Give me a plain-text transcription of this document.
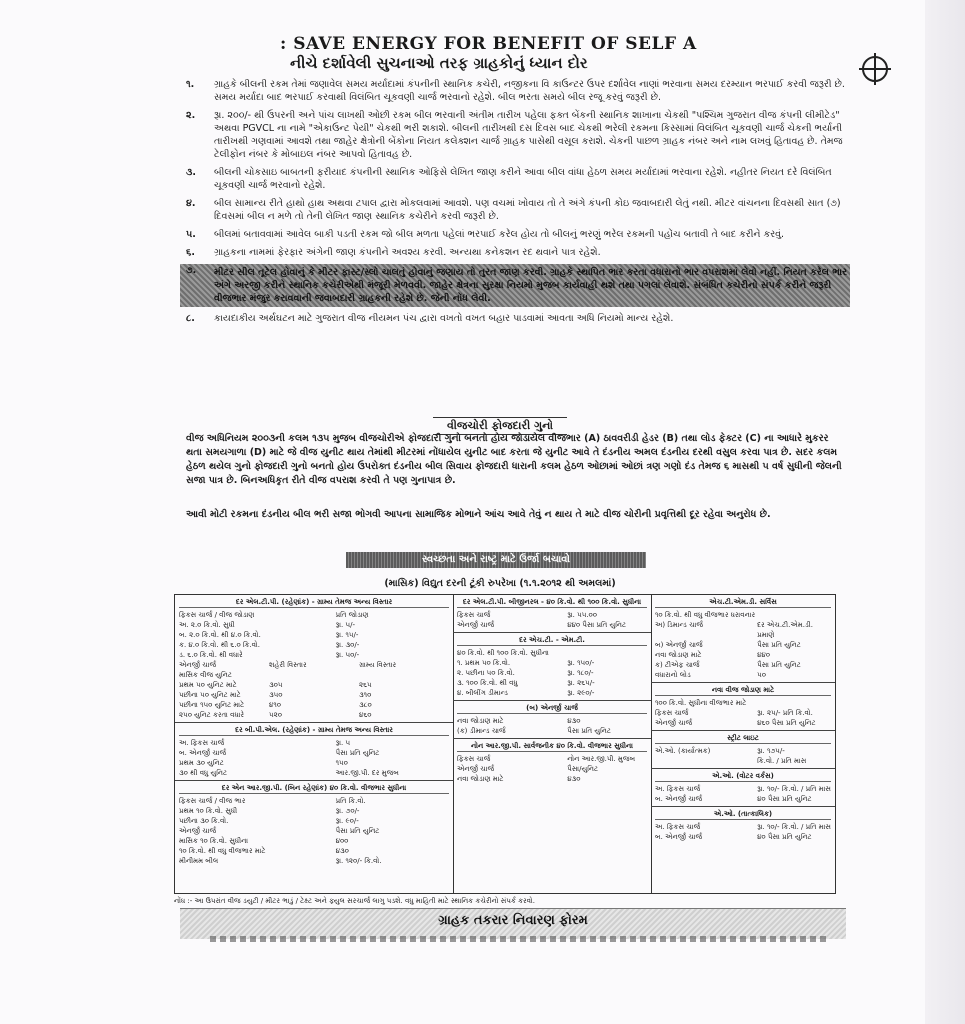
: SAVE ENERGY FOR BENEFIT OF SELF A
નીચે દર્શાવેલી સુચનાઓ તરફ ગ્રાહકોનું ધ્યાન દોર
૧. ગ્રાહકે બીલની રકમ તેમાં જણાવેલ સમય મર્યાદામાં કંપનીની સ્થાનિક કચેરી, નજીકના વિ કાઉન્ટર ઉપર દર્શાવેલ નાણાં ભરવાના સમય દરમ્યાન ભરપાઈ કરવી જરૂરી છે. સમય મર્યાદા બાદ ભરપાઈ કરવાથી વિલંબિત ચૂકવણી ચાર્જ ભરવાનો રહેશે. બીલ ભરતા સમયે બીલ રજૂ કરવું જરૂરી છે.
૨. રૂા. ૨૦૦/- થી ઉપરની અને પાંચ લાખથી ઓછી રકમ બીલ ભરવાની અંતીમ તારીખ પહેલા ફક્ત બેંકની સ્થાનિક શાખાના ચેકથી "પશ્ચિમ ગુજરાત વીજ કંપની લીમીટેડ" અથવા PGVCL ના નામે "એકાઉન્ટ પેયી" ચેકથી ભરી શકાશે. બીલની તારીખથી દસ દિવસ બાદ ચેકથી ભરેલી રકમના કિસ્સામાં વિલંબિત ચૂકવણી ચાર્જ ચેકની ભર્યાની તારીખથી ગણવામાં આવશે તથા જાહેર ક્ષેત્રોની બેંકોના નિયત કલેક્શન ચાર્જ ગ્રાહક પાસેથી વસૂલ કરાશે. ચેકની પાછળ ગ્રાહક નંબર અને નામ લખવું હિતાવહ છે. તેમજ ટેલીફોન નંબર કે મોબાઇલ નંબર આપવો હિતાવહ છે.
૩. બીલની ચોકસાઇ બાબતની ફરીયાદ કંપનીની સ્થાનિક ઓફિસે લેખિત જાણ કરીને આવા બીલ વાંધા હેઠળ સમય મર્યાદામાં ભરવાના રહેશે. નહીતર નિયત દરે વિલંબિત ચૂકવણી ચાર્જ ભરવાનો રહેશે.
૪. બીલ સામાન્ય રીતે હાથો હાથ અથવા ટપાલ દ્વારા મોકલવામાં આવશે. પણ વચમાં ખોવાય તો તે અંગે કંપની કોઇ જવાબદારી લેતું નથી. મીટર વાંચનના દિવસથી સાત (૭) દિવસમાં બીલ ન મળે તો તેની લેખિત જાણ સ્થાનિક કચેરીને કરવી જરૂરી છે.
૫. બીલમાં બતાવવામાં આવેલ બાકી પડતી રકમ જો બીલ મળતા પહેલાં ભરપાઈ કરેલ હોય તો બીલનું ભરણું ભરેલ રકમની પહોંચ બતાવી તે બાદ કરીને કરવું.
૬. ગ્રાહકના નામમાં ફેરફાર અંગેની જાણ કંપનીને અવશ્ય કરવી. અન્યથા કનેકશન રદ થવાને પાત્ર રહેશે.
૭. મીટર સીલ તૂટેલ હોવાનું કે મીટર ફાસ્ટ/સ્લો ચાલતું હોવાનું જણાય તો તુરત જાણ કરવી. ગ્રાહકે સ્થાપિત ભાર કરતા વધારાનો ભાર વપરાશમાં લેવો નહીં. નિયત કરેલ ભાર અંગે અરજી કરીને સ્થાનિક કચેરીએથી મંજૂરી મેળવવી. જાહેર ક્ષેત્રના સુરક્ષા નિયમો મુજબ કાર્યવાહી થશે તથા પગલાં લેવાશે. સંબંધિત કચેરીનો સંપર્ક કરીને જરૂરી વીજભાર મંજુર કરાવવાની જવાબદારી ગ્રાહકની રહેશે છે. જેની નોંધ લેવી.
૮. કાયદાકીય અર્થઘટન માટે ગુજરાત વીજ નીયમન પંચ દ્વારા વખતો વખત બહાર પાડવામાં આવતા અધિ નિયમો માન્ય રહેશે.
વીજચોરી ફોજદારી ગુનો
વીજ અધિનિયમ ૨૦૦૩ની કલમ ૧૩૫ મુજબ વીજચોરીએ ફોજદારી ગુનો બનતો હોય જોડાયેલ વીજભાર (A) ઠાવવરીડી હેડર (B) તથા લોડ ફેક્ટર (C) ના આધારે મુકરર થતા સમયગાળા (D) માટે જે વીજ યુનીટ થાય તેમાંથી મીટરમાં નોંધાયેલ યુનીટ બાદ કરતા જે યુનીટ આવે તે દંડનીય અમલ દંડનીય દરથી વસુલ કરવા પાત્ર છે. સદર કલમ હેઠળ થયેલ ગુનો ફોજદારી ગુનો બનતો હોય ઉપરોક્ત દંડનીય બીલ સિવાય ફોજદારી ધારાની કલમ હેઠળ ઓછામાં ઓછાં ત્રણ ગણો દંડ તેમજ ૬ માસથી ૫ વર્ષ સુધીની જેલની સજા પાત્ર છે. બિનઅધિકૃત રીતે વીજ વપરાશ કરવી તે પણ ગુનાપાત્ર છે.
આવી મોટી રકમના દંડનીય બીલ ભરી સજા ભોગવી આપના સામાજિક મોભાને આંચ આવે તેવું ન થાય તે માટે વીજ ચોરીની પ્રવૃત્તિથી દૂર રહેવા અનુરોધ છે.
સ્વચ્છતા અને રાષ્ટ્ર માટે ઉર્જા બચાવો
(માસિક) વિદ્યુત દરની ટૂંકી રુપરેખા (૧.૧.૨૦૧૨ થી અમલમાં)
દર એલ.ટી.પી. (રહેણાંક) - ગ્રામ્ય તેમજ અન્ય વિસ્તાર
ફિકસ ચાર્જ / વીજ જોડાણ	પ્રતિ જોડાણ
અ. ૨.૦ કિ.વો. સુધી	રૂા. ૫/-
બ. ૨.૦ કિ.વો. થી ૪.૦ કિ.વો.	રૂા. ૧૫/-
ક. ૪.૦ કિ.વો. થી ૬.૦ કિ.વો.	રૂા. ૩૦/-
ડ. ૬.૦ કિ.વો. થી વધારે	રૂા. ૫૦/-
એનર્જી ચાર્જ	શહેરી વિસ્તાર	ગ્રામ્ય વિસ્તાર
માસિક વીજ યુનિટ
પ્રથમ ૫૦ યુનિટ માટે	૩૦૫	૨૬૫
પછીના ૫૦ યુનિટ માટે	૩૫૦	૩૧૦
પછીના ૧૫૦ યુનિટ માટે	૪૧૦	૩૮૦
૨૫૦ યુનિટ કરતા વધારે	૫૨૦	૪૬૦
દર બી.પી.એલ. (રહેણાંક) - ગ્રામ્ય તેમજ અન્ય વિસ્તાર
અ. ફિકસ ચાર્જ	રૂા. ૫
બ. એનર્જી ચાર્જ	પૈસા પ્રતિ યુનિટ
પ્રથમ ૩૦ યુનિટ	૧૫૦
૩૦ થી વધુ યુનિટ	આર.જી.પી. દર મુજબ
દર એન આર.જી.પી. (બિન રહેણાંક) ૪૦ કિ.વો. વીજભાર સુધીના
ફિકસ ચાર્જ / વીજ ભાર	પ્રતિ કિ.વો.
પ્રથમ ૧૦ કિ.વો. સુધી	રૂા. ૭૦/-
પછીના ૩૦ કિ.વો.	રૂા. ૯૦/-
એનર્જી ચાર્જ	પૈસા પ્રતિ યુનિટ
માસિક ૧૦ કિ.વો. સુધીના	૪૦૦
૧૦ કિ.વો. થી વધુ વીજભાર માટે	૪૩૦
મીનીમમ બીલ	રૂા. ૧૨૦/- કિ.વો.
દર એલ.ટી.પી. બીજીનરલ - ૪૦ કિ.વો. થી ૧૦૦ કિ.વો. સુધીના
ફિકસ ચાર્જ	રૂા. ૫૫.૦૦
એનર્જી ચાર્જ	૪૪૦ પૈસા પ્રતિ યુનિટ
દર એચ.ટી. - એમ.ટી.
૪૦ કિ.વો. થી ૧૦૦ કિ.વો. સુધીના
૧. પ્રથમ ૫૦ કિ.વો.	રૂા. ૧૫૦/-
૨. પછીના ૫૦ કિ.વો.	રૂા. ૧૮૦/-
૩. ૧૦૦ કિ.વો. થી વધુ	રૂા. ૨૬૫/-
૪. બીલીંગ ડીમાન્ડ	રૂા. ૨૯૦/-
(બ) એનર્જી ચાર્જ
નવા જોડાણ માટે	૪૩૦
(ક) ડીમાન્ડ ચાર્જ	પૈસા પ્રતિ યુનિટ
નોન આર.જી.પી. સાર્વજનીક ૪૦ કિ.વો. વીજભાર સુધીના
ફિકસ ચાર્જ	નોન આર.જી.પી. મુજબ
એનર્જી ચાર્જ	પૈસા/યુનિટ
નવા જોડાણ માટે	૪૩૦
એચ.ટી.એમ.ડી. સર્વિસ
૧૦ કિ.વો. થી વધુ વીજભાર ધરાવનાર
અ) ડિમાન્ડ ચાર્જ	દર એચ.ટી.એમ.ડી. પ્રમાણે
બ) એનર્જી ચાર્જ	પૈસા પ્રતિ યુનિટ
નવા જોડાણ માટે	૪૪૦
ક) ટીએફ ચાર્જ	પૈસા પ્રતિ યુનિટ
વધારાનો લોડ	૫૦
નવા વીજ જોડાણ માટે
૧૦૦ કિ.વો. સુધીના વીજભાર માટે
ફિકસ ચાર્જ	રૂા. ૨૫/- પ્રતિ કિ.વો.
એનર્જી ચાર્જ	૪૬૦ પૈસા પ્રતિ યુનિટ
સ્ટ્રીટ લાઇટ
એ.ઓ. (કાર્યાત્મક)	રૂા. ૧૭૫/-
કિ.વો. / પ્રતિ માસ
એ.ઓ. (વોટર વર્કસ)
અ. ફિકસ ચાર્જ	રૂા. ૧૦/- કિ.વો. / પ્રતિ માસ
બ. એનર્જી ચાર્જ	૪૦ પૈસા પ્રતિ યુનિટ
એ.ઓ. (તાત્કાલિક)
અ. ફિકસ ચાર્જ	રૂા. ૧૦/- કિ.વો. / પ્રતિ માસ
બ. એનર્જી ચાર્જ	૪૦ પૈસા પ્રતિ યુનિટ
નોંધ :- આ ઉપરાંત વીજ ડયુટી / મીટર ભાડું / ટેક્ષ્ટ અને ફ્યુલ સરચાર્જ લાગુ પડશે. વધુ માહિતી માટે સ્થાનિક કચેરીનો સંપર્ક કરવો.
ગ્રાહક તકરાર નિવારણ ફોરમ
